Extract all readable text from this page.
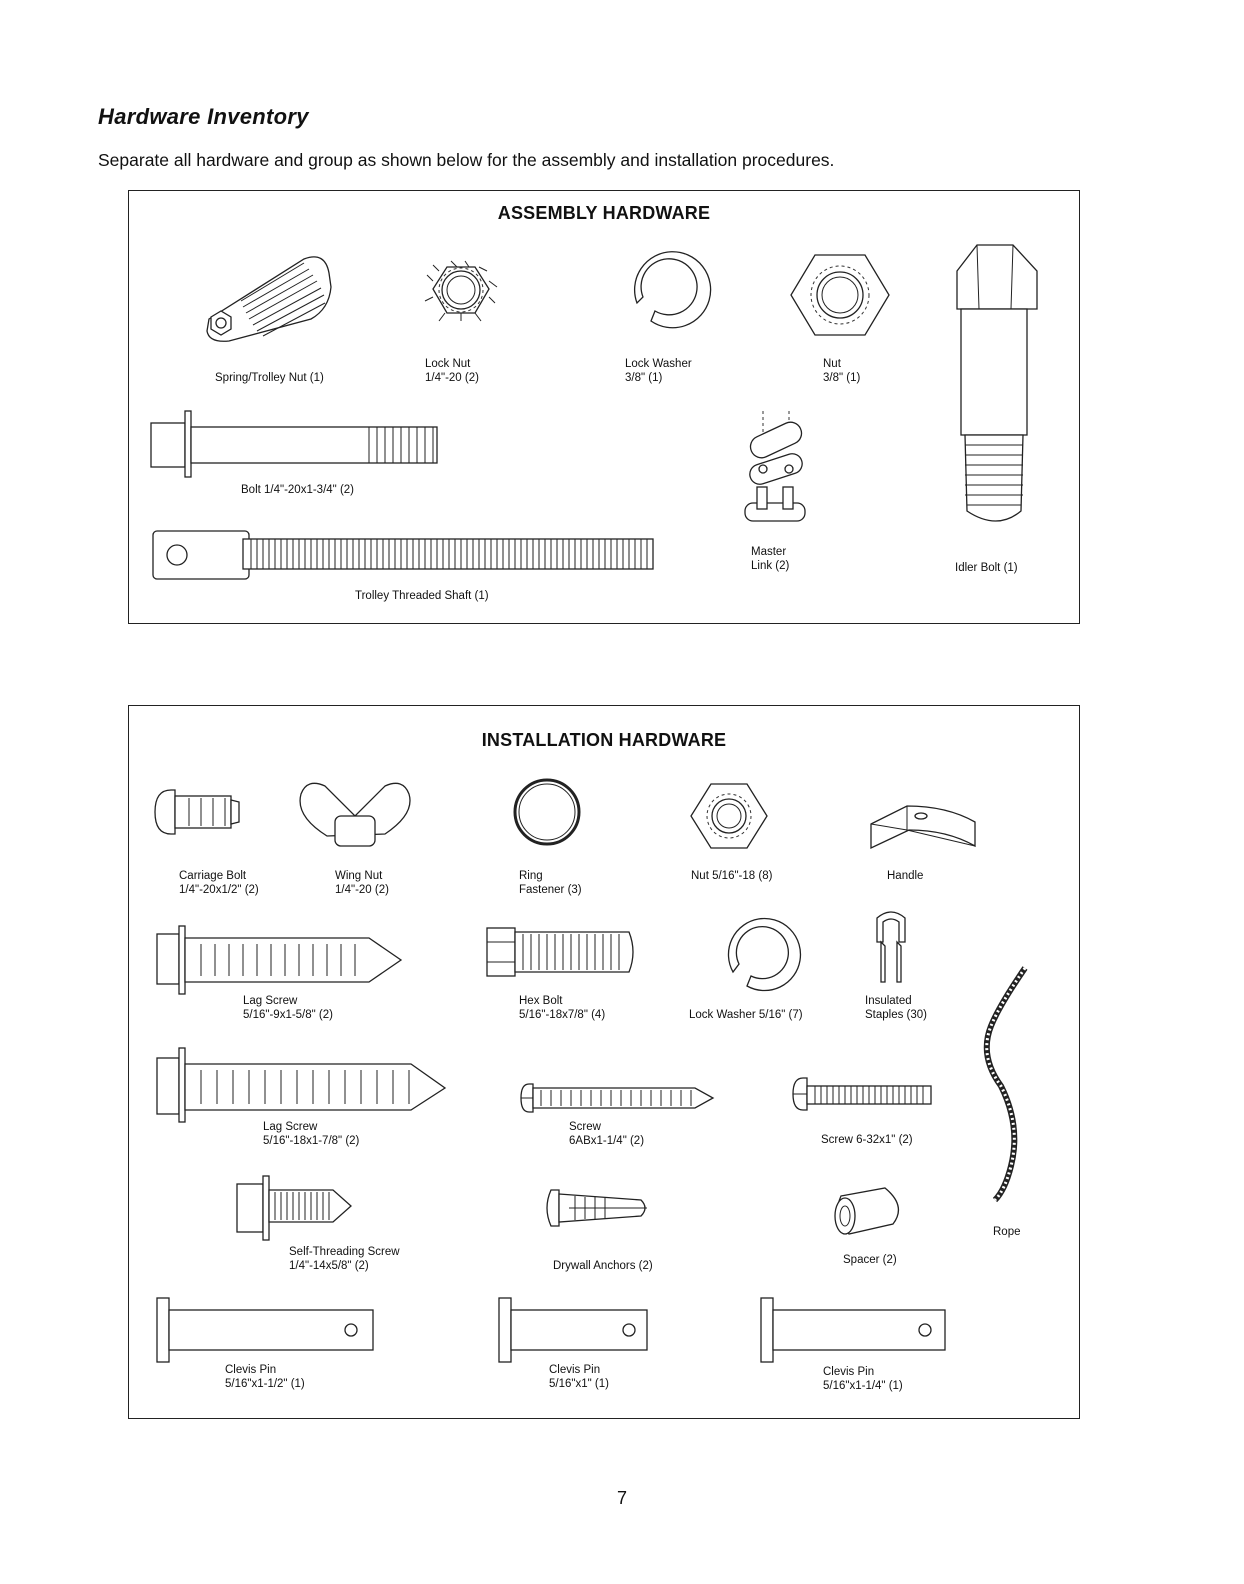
Hardware Inventory
Separate all hardware and group as shown below for the assembly and installation procedures.
ASSEMBLY HARDWARE
Spring/Trolley Nut (1)
Lock Nut
1/4"-20 (2)
Lock Washer
3/8" (1)
Nut
3/8" (1)
Bolt 1/4"-20x1-3/4" (2)
Master
Link (2)	Idler Bolt (1)
Trolley Threaded Shaft (1)
INSTALLATION HARDWARE
Carriage Bolt
1/4"-20x1/2" (2)
Wing Nut
1/4"-20 (2)
Ring
Fastener (3)
Nut 5/16"-18 (8)	Handle
Lag Screw
5/16"-9x1-5/8" (2)
Hex Bolt
5/16"-18x7/8" (4)	Lock Washer 5/16" (7)
Insulated
Staples (30)
Lag Screw
5/16"-18x1-7/8" (2)
Screw
6ABx1-1/4" (2)	Screw 6-32x1" (2)
Rope
Self-Threading Screw
1/4"-14x5/8" (2)	Drywall Anchors (2)	Spacer (2)
Clevis Pin
5/16"x1-1/2" (1)
Clevis Pin
5/16"x1" (1)
Clevis Pin
5/16"x1-1/4" (1)
7
